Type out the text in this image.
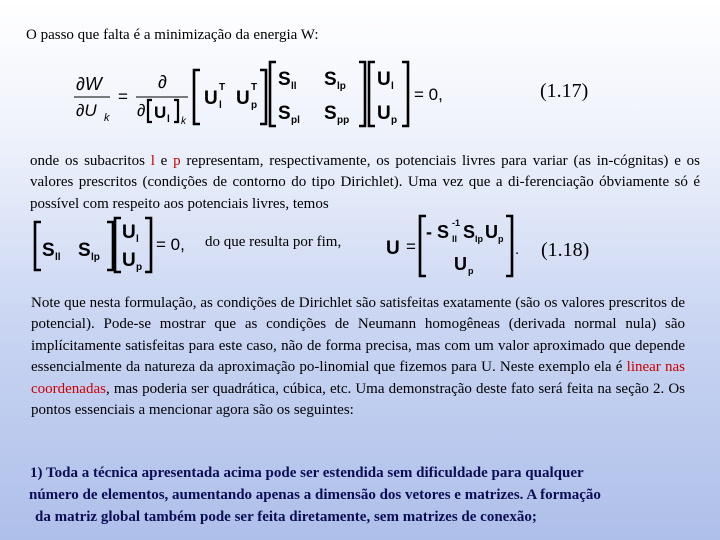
O passo que falta é a minimização da energia W:
∂W
∂U k
=
∂
∂ U l k
U
T
l U
T
p
S ll S lp
S pl S pp
U l
U p
= 0,	(1.17)
onde os subacritos l e p representam, respectivamente, os potenciais livres para variar (as in-cógnitas) e os valores prescritos (condições de contorno do tipo Dirichlet). Uma vez que a di-ferenciação óbviamente só é possível com respeito aos potenciais livres, temos
S ll S lp
U l
U p
= 0, do que resulta por fim, U =
- S -1
ll S lp U p
U p
. (1.18)
Note que nesta formulação, as condições de Dirichlet são satisfeitas exatamente (são os valores prescritos de potencial). Pode-se mostrar que as condições de Neumann homogêneas (derivada normal nula) são implícitamente satisfeitas para este caso, não de forma precisa, mas com um valor aproximado que depende essencialmente da natureza da aproximação po-linomial que fizemos para U. Neste exemplo ela é linear nas coordenadas, mas poderia ser quadrática, cúbica, etc. Uma demonstração deste fato será feita na seção 2. Os pontos essenciais a mencionar agora são os seguintes:
1) Toda a técnica apresentada acima pode ser estendida sem dificuldade para qualquer
número de elementos, aumentando apenas a dimensão dos vetores e matrizes. A formação
da matriz global também pode ser feita diretamente, sem matrizes de conexão;
